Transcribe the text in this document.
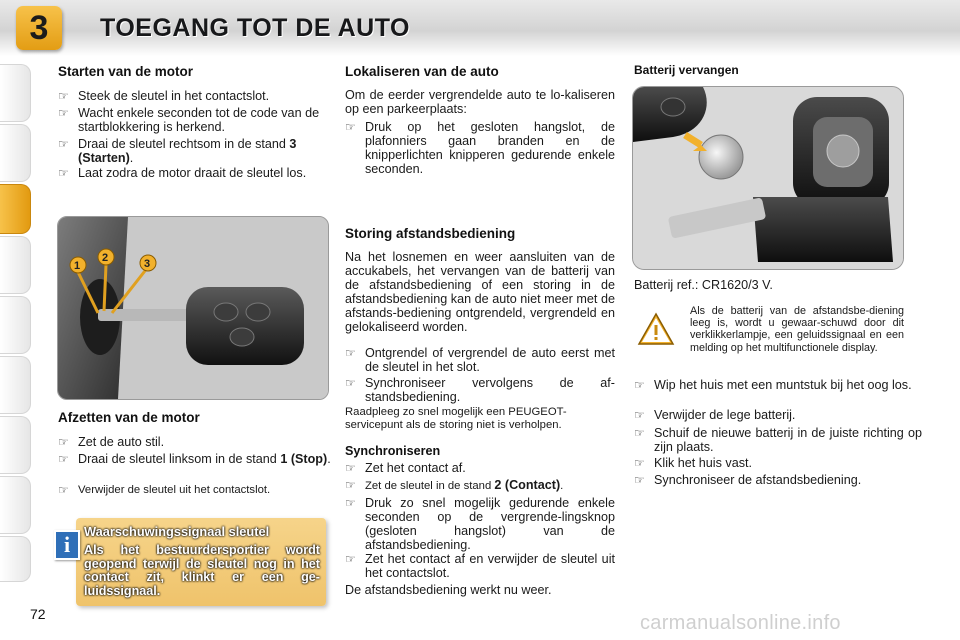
3	TOEGANG TOT DE AUTO
Starten van de motor
☞ Steek de sleutel in het contactslot.
☞ Wacht enkele seconden tot de code van de startblokkering is herkend.
☞ Draai de sleutel rechtsom in de stand 3 (Starten).
☞ Laat zodra de motor draait de sleutel los.
1
2	3
Afzetten van de motor
☞ Zet de auto stil.
☞ Draai de sleutel linksom in de stand 1 (Stop).
☞ Verwijder de sleutel uit het contactslot.
i
Waarschuwingssignaal sleutel

Als het bestuurdersportier wordt geopend terwijl de sleutel nog in het contact zit, klinkt er een ge-luidssignaal.

Lokaliseren van de auto

Om de eerder vergrendelde auto te lo-kaliseren op een parkeerplaats:

☞ Druk op het gesloten hangslot, de plafonniers gaan branden en de knipperlichten knipperen gedurende enkele seconden.
Storing afstandsbediening

Na het losnemen en weer aansluiten van de accukabels, het vervangen van de batterij van de afstandsbediening of een storing in de afstandsbediening kan de auto niet meer met de afstands-bediening ontgrendeld, vergrendeld en gelokaliseerd worden.

☞ Ontgrendel of vergrendel de auto eerst met de sleutel in het slot.
☞ Synchroniseer vervolgens de af-standsbediening.

Raadpleeg zo snel mogelijk een PEUGEOT-servicepunt als de storing niet is verholpen.

Synchroniseren
☞ Zet het contact af.
☞ Zet de sleutel in de stand 2 (Contact).
☞ Druk zo snel mogelijk gedurende enkele seconden op de vergrende-lingsknop (gesloten hangslot) van de afstandsbediening.
☞ Zet het contact af en verwijder de sleutel uit het contactslot.

De afstandsbediening werkt nu weer.

Batterij vervangen

Batterij ref.: CR1620/3 V.

Als de batterij van de afstandsbe-diening leeg is, wordt u gewaar-schuwd door dit verklikkerlampje, een geluidssignaal en een melding op het multifunctionele display.

☞ Wip het huis met een muntstuk bij het oog los.
☞ Verwijder de lege batterij.
☞ Schuif de nieuwe batterij in de juiste richting op zijn plaats.
☞ Klik het huis vast.
☞ Synchroniseer de afstandsbediening.
72	carmanualsonline.info
